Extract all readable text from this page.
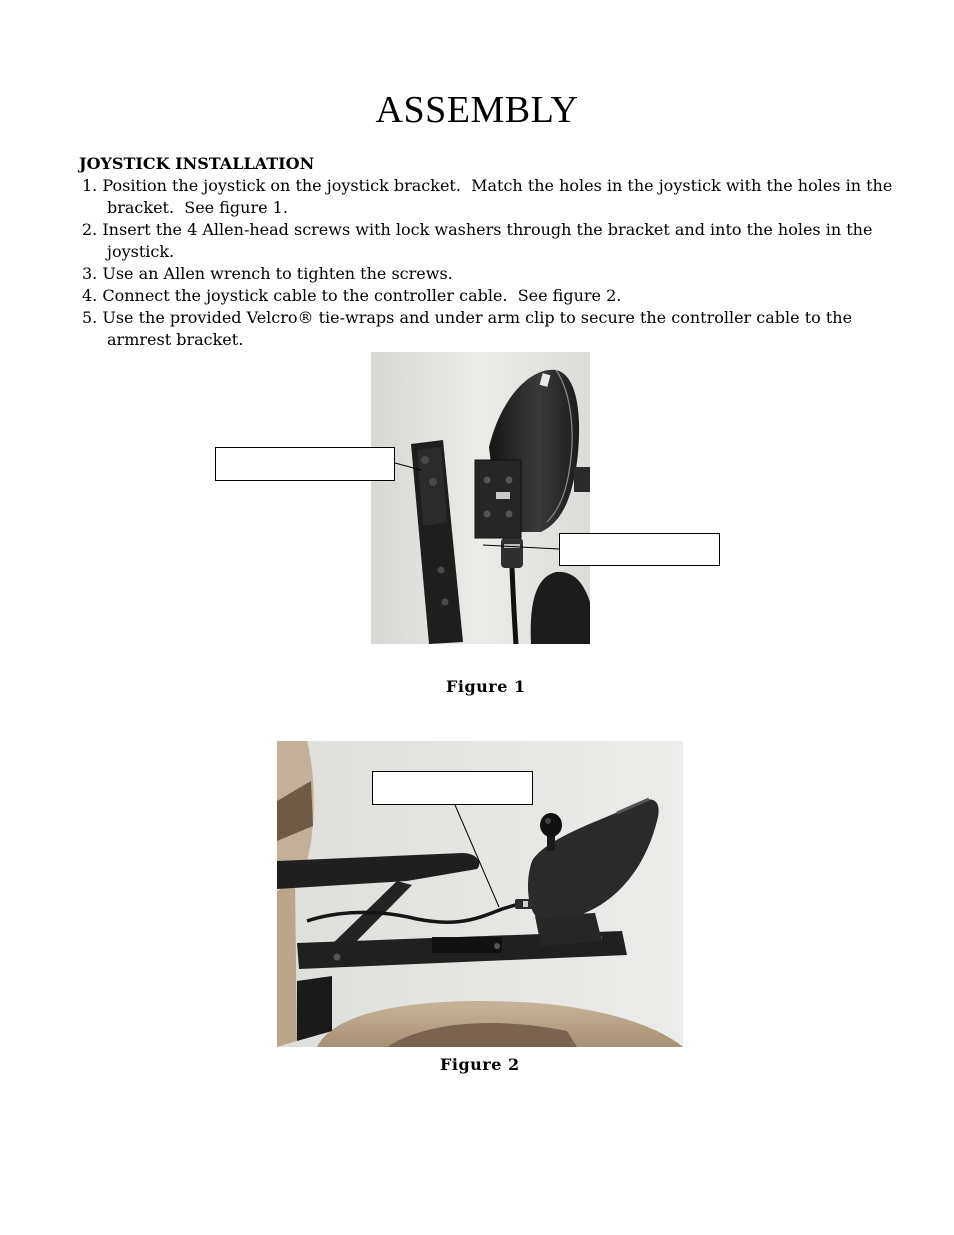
ASSEMBLY
JOYSTICK INSTALLATION
1. Position the joystick on the joystick bracket.  Match the holes in the joystick with the holes in the bracket.  See figure 1.
2. Insert the 4 Allen-head screws with lock washers through the bracket and into the holes in the joystick.
3. Use an Allen wrench to tighten the screws.
4. Connect the joystick cable to the controller cable.  See figure 2.
5. Use the provided Velcro® tie-wraps and under arm clip to secure the controller cable to the armrest bracket.

Figure 1

Figure 2
